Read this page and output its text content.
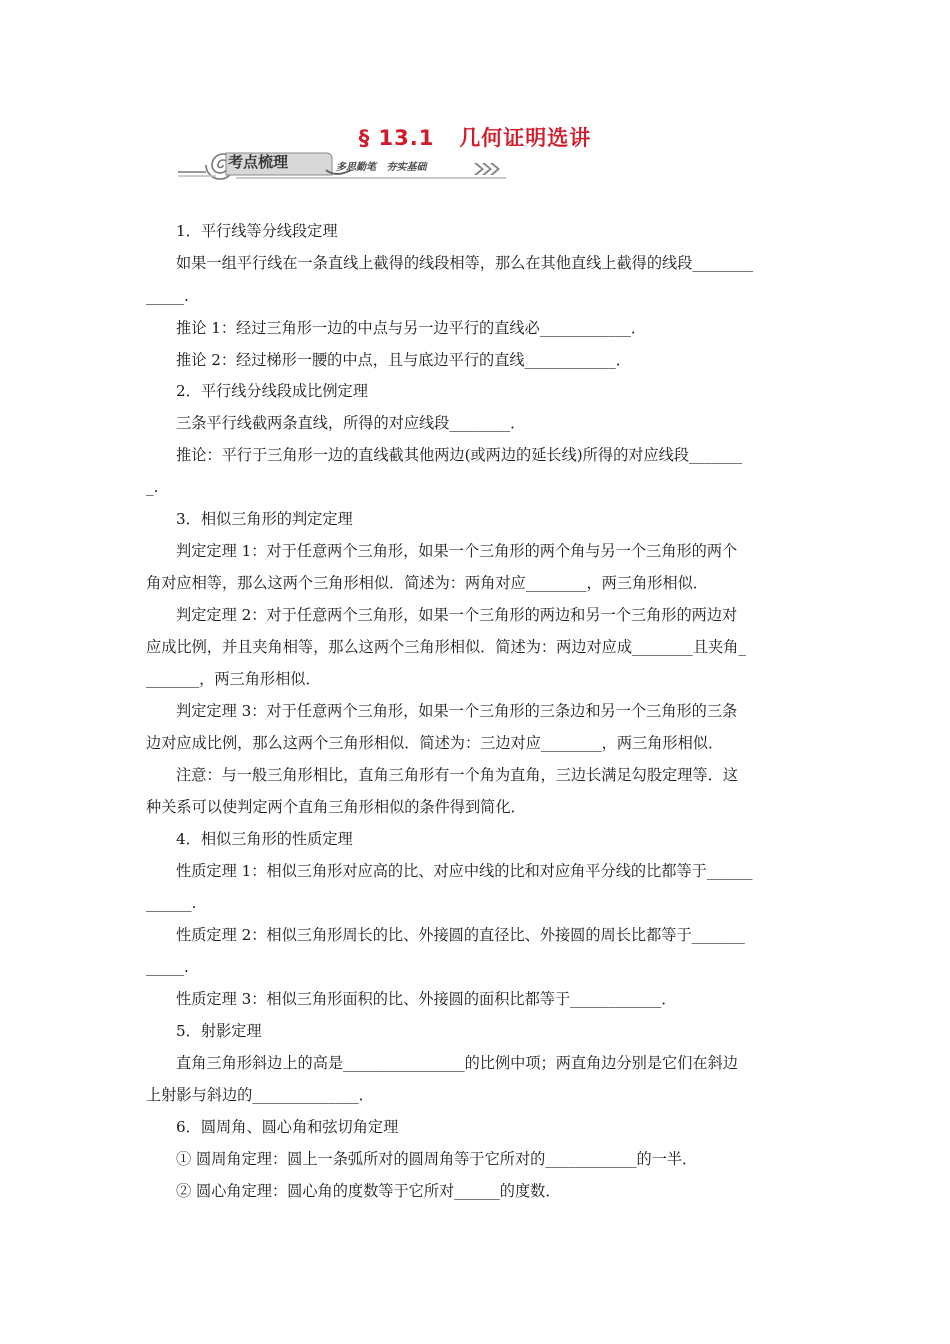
§ 13.1   几何证明选讲
考点梳理	多思勤笔   夯实基础
1．平行线等分线段定理
如果一组平行线在一条直线上截得的线段相等，那么在其他直线上截得的线段________
_____.
推论 1：经过三角形一边的中点与另一边平行的直线必____________．
推论 2：经过梯形一腰的中点，且与底边平行的直线____________．
2．平行线分线段成比例定理
三条平行线截两条直线，所得的对应线段________．
推论：平行于三角形一边的直线截其他两边(或两边的延长线)所得的对应线段_______
_.
3．相似三角形的判定定理
判定定理 1：对于任意两个三角形，如果一个三角形的两个角与另一个三角形的两个
角对应相等，那么这两个三角形相似．简述为：两角对应________，两三角形相似．
判定定理 2：对于任意两个三角形，如果一个三角形的两边和另一个三角形的两边对
应成比例，并且夹角相等，那么这两个三角形相似．简述为：两边对应成________且夹角_
_______，两三角形相似．
判定定理 3：对于任意两个三角形，如果一个三角形的三条边和另一个三角形的三条
边对应成比例，那么这两个三角形相似．简述为：三边对应________，两三角形相似．
注意：与一般三角形相比，直角三角形有一个角为直角，三边长满足勾股定理等．这
种关系可以使判定两个直角三角形相似的条件得到简化．
4．相似三角形的性质定理
性质定理 1：相似三角形对应高的比、对应中线的比和对应角平分线的比都等于______
______.
性质定理 2：相似三角形周长的比、外接圆的直径比、外接圆的周长比都等于_______
_____.
性质定理 3：相似三角形面积的比、外接圆的面积比都等于____________．
5．射影定理
直角三角形斜边上的高是________________的比例中项；两直角边分别是它们在斜边
上射影与斜边的______________．
6．圆周角、圆心角和弦切角定理
① 圆周角定理：圆上一条弧所对的圆周角等于它所对的____________的一半．
② 圆心角定理：圆心角的度数等于它所对______的度数．
